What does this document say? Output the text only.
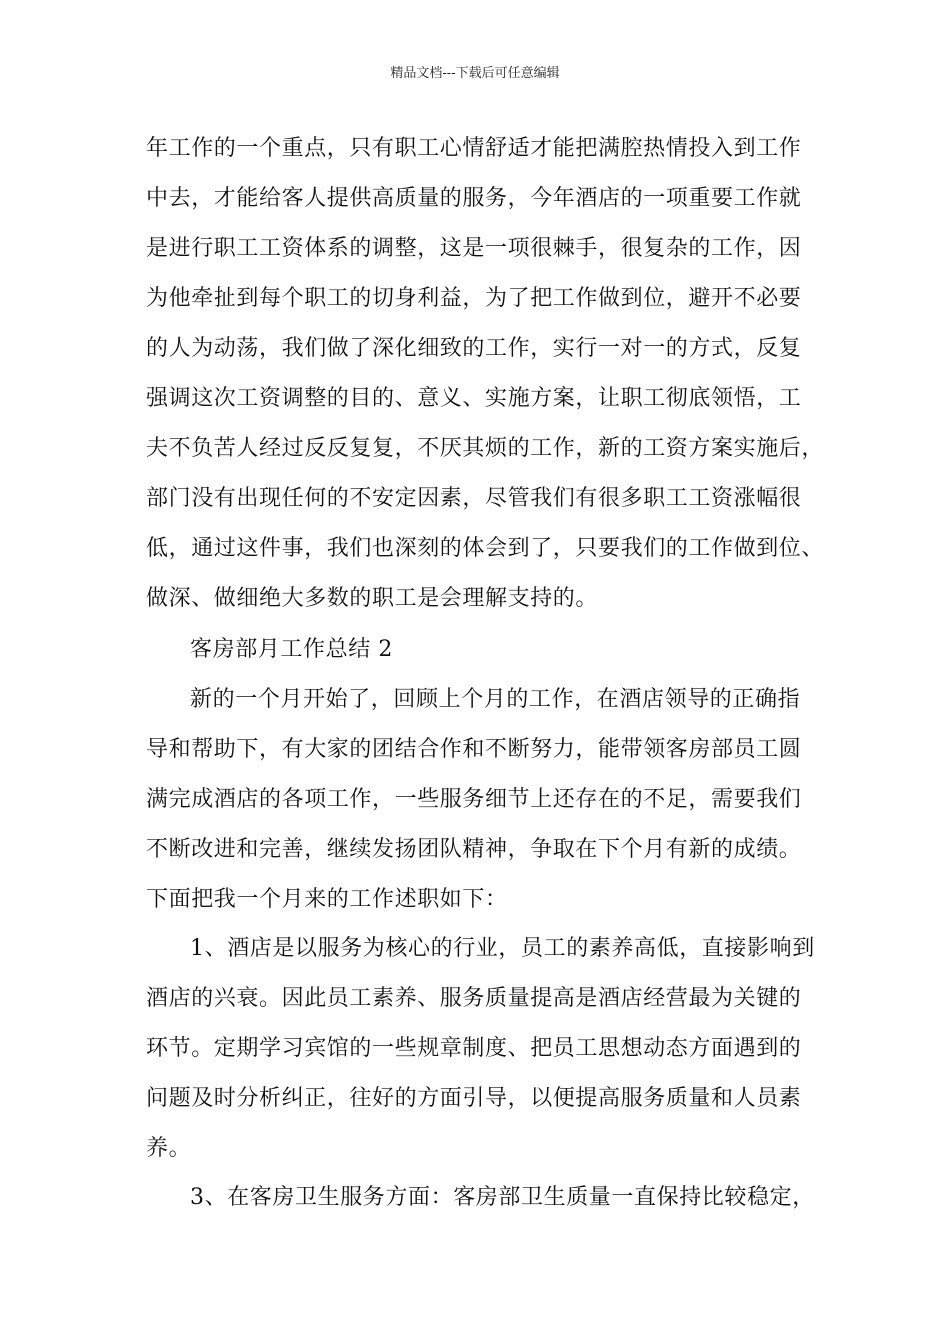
精品文档---下载后可任意编辑
年工作的一个重点，只有职工心情舒适才能把满腔热情投入到工作
中去，才能给客人提供高质量的服务，今年酒店的一项重要工作就
是进行职工工资体系的调整，这是一项很棘手，很复杂的工作，因
为他牵扯到每个职工的切身利益，为了把工作做到位，避开不必要
的人为动荡，我们做了深化细致的工作，实行一对一的方式，反复
强调这次工资调整的目的、意义、实施方案，让职工彻底领悟，工
夫不负苦人经过反反复复，不厌其烦的工作，新的工资方案实施后，
部门没有出现任何的不安定因素，尽管我们有很多职工工资涨幅很
低，通过这件事，我们也深刻的体会到了，只要我们的工作做到位、
做深、做细绝大多数的职工是会理解支持的。
客房部月工作总结 2
新的一个月开始了，回顾上个月的工作，在酒店领导的正确指
导和帮助下，有大家的团结合作和不断努力，能带领客房部员工圆
满完成酒店的各项工作，一些服务细节上还存在的不足，需要我们
不断改进和完善，继续发扬团队精神，争取在下个月有新的成绩。
下面把我一个月来的工作述职如下：
1、酒店是以服务为核心的行业，员工的素养高低，直接影响到
酒店的兴衰。因此员工素养、服务质量提高是酒店经营最为关键的
环节。定期学习宾馆的一些规章制度、把员工思想动态方面遇到的
问题及时分析纠正，往好的方面引导，以便提高服务质量和人员素
养。
3、在客房卫生服务方面：客房部卫生质量一直保持比较稳定，
